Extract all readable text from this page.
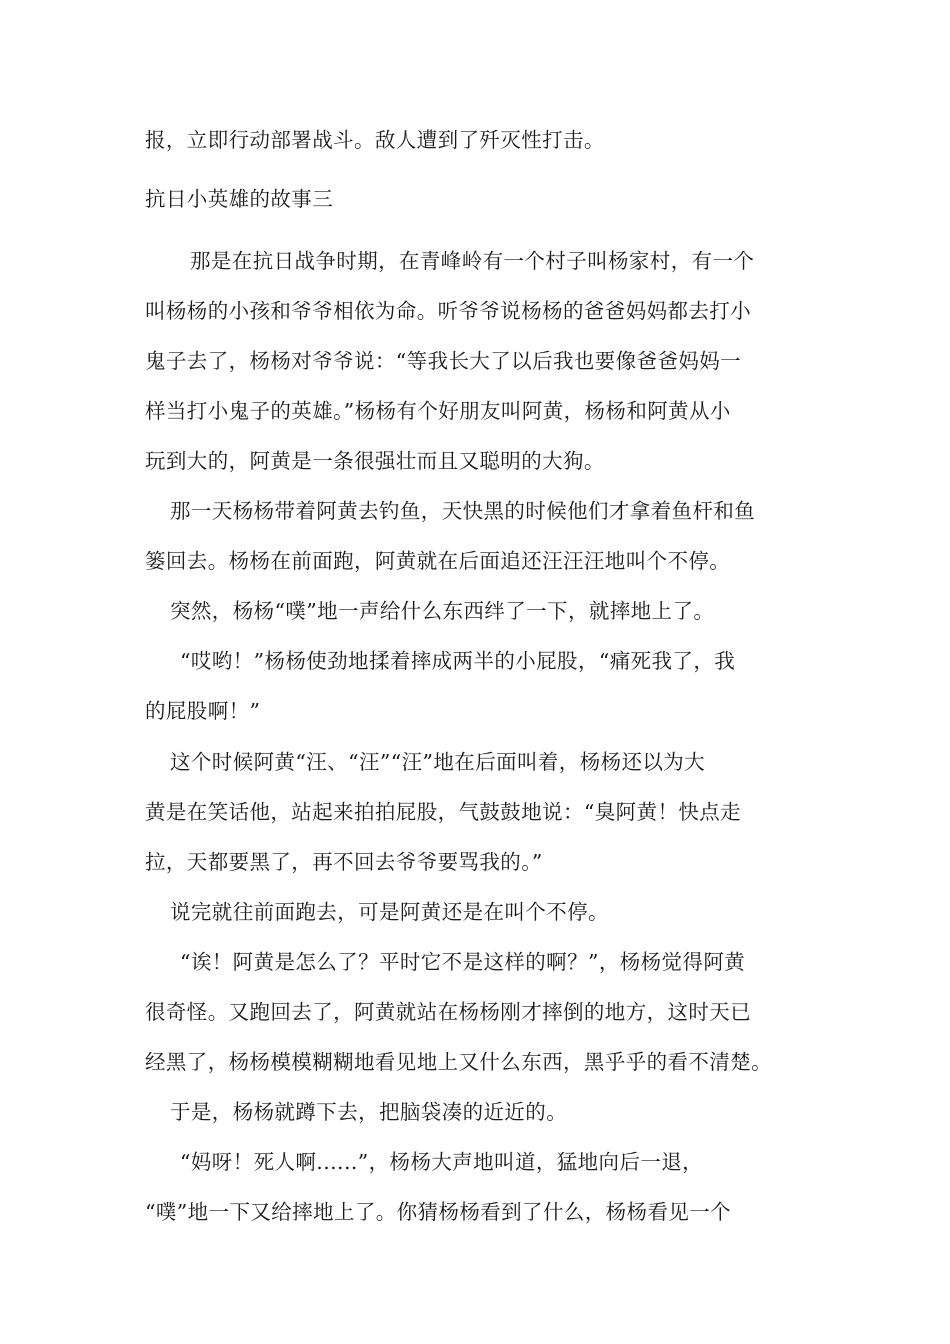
报，立即行动部署战斗。敌人遭到了歼灭性打击。

抗日小英雄的故事三

那是在抗日战争时期，在青峰岭有一个村子叫杨家村，有一个

叫杨杨的小孩和爷爷相依为命。听爷爷说杨杨的爸爸妈妈都去打小

鬼子去了，杨杨对爷爷说：“等我长大了以后我也要像爸爸妈妈一

样当打小鬼子的英雄。”杨杨有个好朋友叫阿黄，杨杨和阿黄从小

玩到大的，阿黄是一条很强壮而且又聪明的大狗。

那一天杨杨带着阿黄去钓鱼，天快黑的时候他们才拿着鱼杆和鱼

篓回去。杨杨在前面跑，阿黄就在后面追还汪汪汪地叫个不停。

突然，杨杨“噗”地一声给什么东西绊了一下，就摔地上了。

“哎哟！”杨杨使劲地揉着摔成两半的小屁股，“痛死我了，我

的屁股啊！”

这个时候阿黄“汪、“汪”“汪”地在后面叫着，杨杨还以为大

黄是在笑话他，站起来拍拍屁股，气鼓鼓地说：“臭阿黄！快点走

拉，天都要黑了，再不回去爷爷要骂我的。”

说完就往前面跑去，可是阿黄还是在叫个不停。

“诶！阿黄是怎么了？平时它不是这样的啊？”，杨杨觉得阿黄

很奇怪。又跑回去了，阿黄就站在杨杨刚才摔倒的地方，这时天已

经黑了，杨杨模模糊糊地看见地上又什么东西，黑乎乎的看不清楚。

于是，杨杨就蹲下去，把脑袋凑的近近的。

“妈呀！死人啊......”，杨杨大声地叫道，猛地向后一退，

“噗”地一下又给摔地上了。你猜杨杨看到了什么，杨杨看见一个
